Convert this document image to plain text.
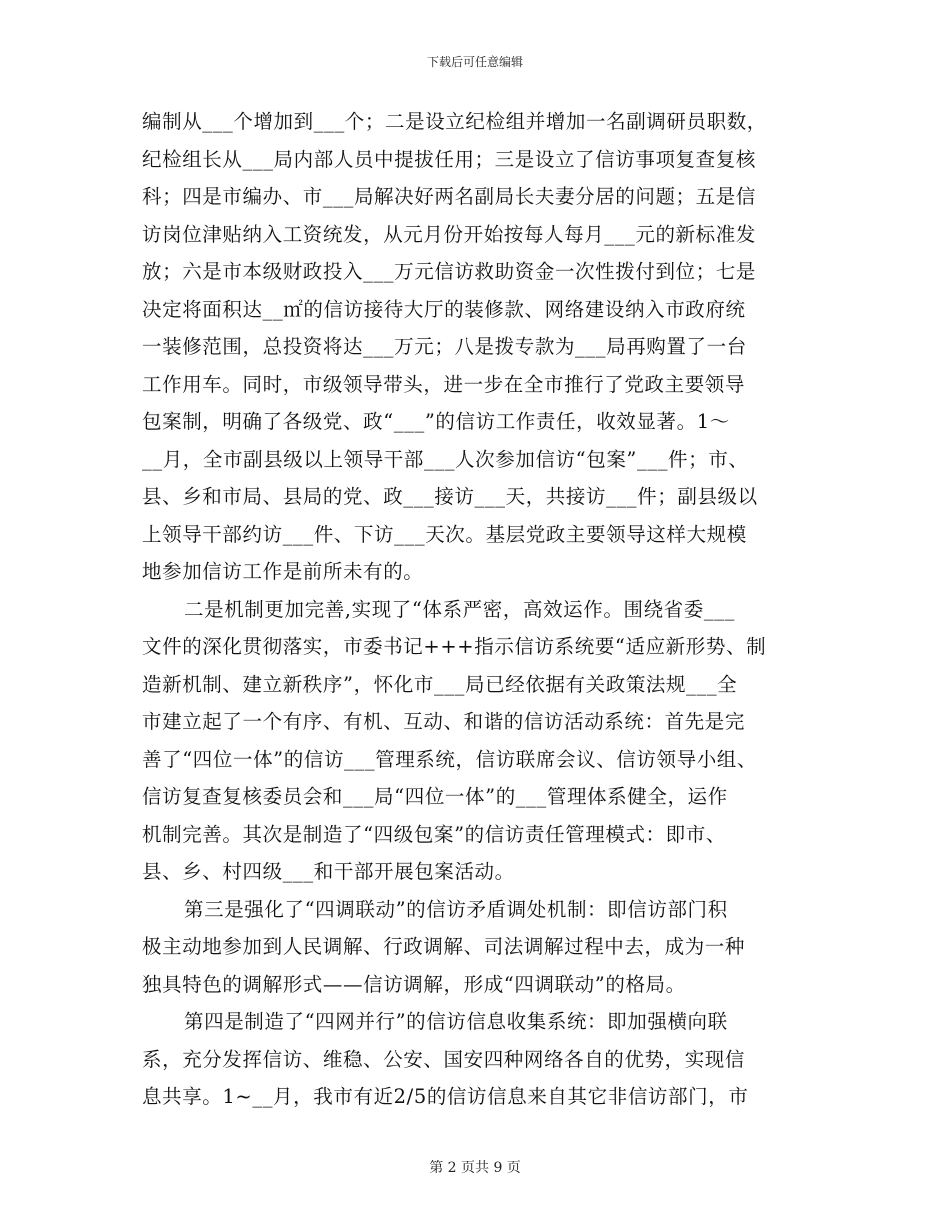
下载后可任意编辑
编制从___个增加到___个；二是设立纪检组并增加一名副调研员职数，
纪检组长从___局内部人员中提拔任用；三是设立了信访事项复查复核
科；四是市编办、市___局解决好两名副局长夫妻分居的问题；五是信
访岗位津贴纳入工资统发，从元月份开始按每人每月___元的新标准发
放；六是市本级财政投入___万元信访救助资金一次性拨付到位；七是
决定将面积达__㎡的信访接待大厅的装修款、网络建设纳入市政府统
一装修范围，总投资将达___万元；八是拨专款为___局再购置了一台
工作用车。同时，市级领导带头，进一步在全市推行了党政主要领导
包案制，明确了各级党、政“___”的信访工作责任，收效显著。1～
__月，全市副县级以上领导干部___人次参加信访“包案”___件；市、
县、乡和市局、县局的党、政___接访___天，共接访___件；副县级以
上领导干部约访___件、下访___天次。基层党政主要领导这样大规模
地参加信访工作是前所未有的。
二是机制更加完善,实现了“体系严密，高效运作。围绕省委___
文件的深化贯彻落实，市委书记+++指示信访系统要“适应新形势、制
造新机制、建立新秩序”，怀化市___局已经依据有关政策法规___全
市建立起了一个有序、有机、互动、和谐的信访活动系统：首先是完
善了“四位一体”的信访___管理系统，信访联席会议、信访领导小组、
信访复查复核委员会和___局“四位一体”的___管理体系健全，运作
机制完善。其次是制造了“四级包案”的信访责任管理模式：即市、
县、乡、村四级___和干部开展包案活动。
第三是强化了“四调联动”的信访矛盾调处机制：即信访部门积
极主动地参加到人民调解、行政调解、司法调解过程中去，成为一种
独具特色的调解形式——信访调解，形成“四调联动”的格局。
第四是制造了“四网并行”的信访信息收集系统：即加强横向联
系，充分发挥信访、维稳、公安、国安四种网络各自的优势，实现信
息共享。1~__月，我市有近2/5的信访信息来自其它非信访部门，市
第 2 页共 9 页
